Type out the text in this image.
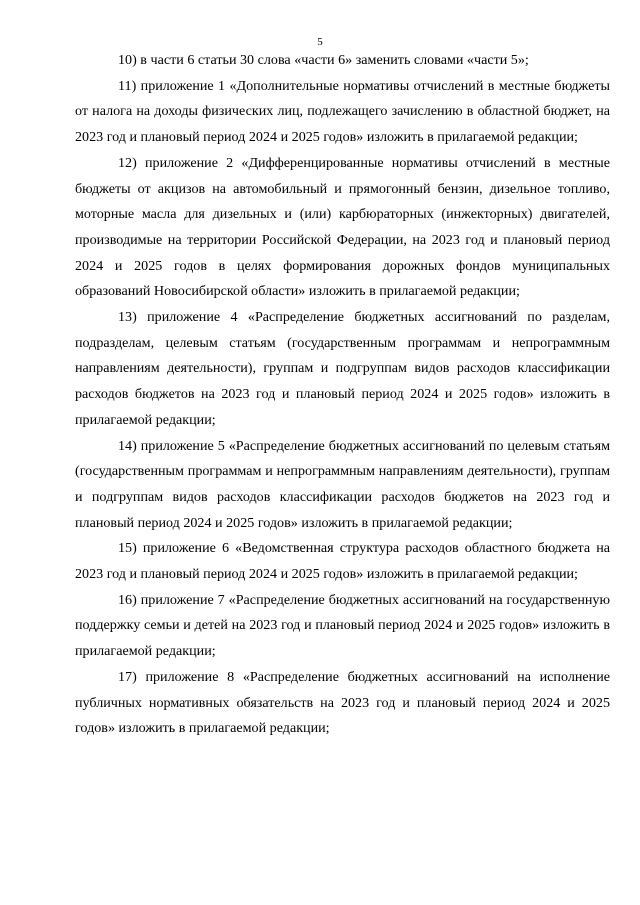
5

10) в части 6 статьи 30 слова «части 6» заменить словами «части 5»;

11) приложение 1 «Дополнительные нормативы отчислений в местные бюджеты от налога на доходы физических лиц, подлежащего зачислению в областной бюджет, на 2023 год и плановый период 2024 и 2025 годов» изложить в прилагаемой редакции;

12) приложение 2 «Дифференцированные нормативы отчислений в местные бюджеты от акцизов на автомобильный и прямогонный бензин, дизельное топливо, моторные масла для дизельных и (или) карбюраторных (инжекторных) двигателей, производимые на территории Российской Федерации, на 2023 год и плановый период 2024 и 2025 годов в целях формирования дорожных фондов муниципальных образований Новосибирской области» изложить в прилагаемой редакции;

13) приложение 4 «Распределение бюджетных ассигнований по разделам, подразделам, целевым статьям (государственным программам и непрограммным направлениям деятельности), группам и подгруппам видов расходов классификации расходов бюджетов на 2023 год и плановый период 2024 и 2025 годов» изложить в прилагаемой редакции;

14) приложение 5 «Распределение бюджетных ассигнований по целевым статьям (государственным программам и непрограммным направлениям деятельности), группам и подгруппам видов расходов классификации расходов бюджетов на 2023 год и плановый период 2024 и 2025 годов» изложить в прилагаемой редакции;

15) приложение 6 «Ведомственная структура расходов областного бюджета на 2023 год и плановый период 2024 и 2025 годов» изложить в прилагаемой редакции;

16) приложение 7 «Распределение бюджетных ассигнований на государственную поддержку семьи и детей на 2023 год и плановый период 2024 и 2025 годов» изложить в прилагаемой редакции;

17) приложение 8 «Распределение бюджетных ассигнований на исполнение публичных нормативных обязательств на 2023 год и плановый период 2024 и 2025 годов» изложить в прилагаемой редакции;
